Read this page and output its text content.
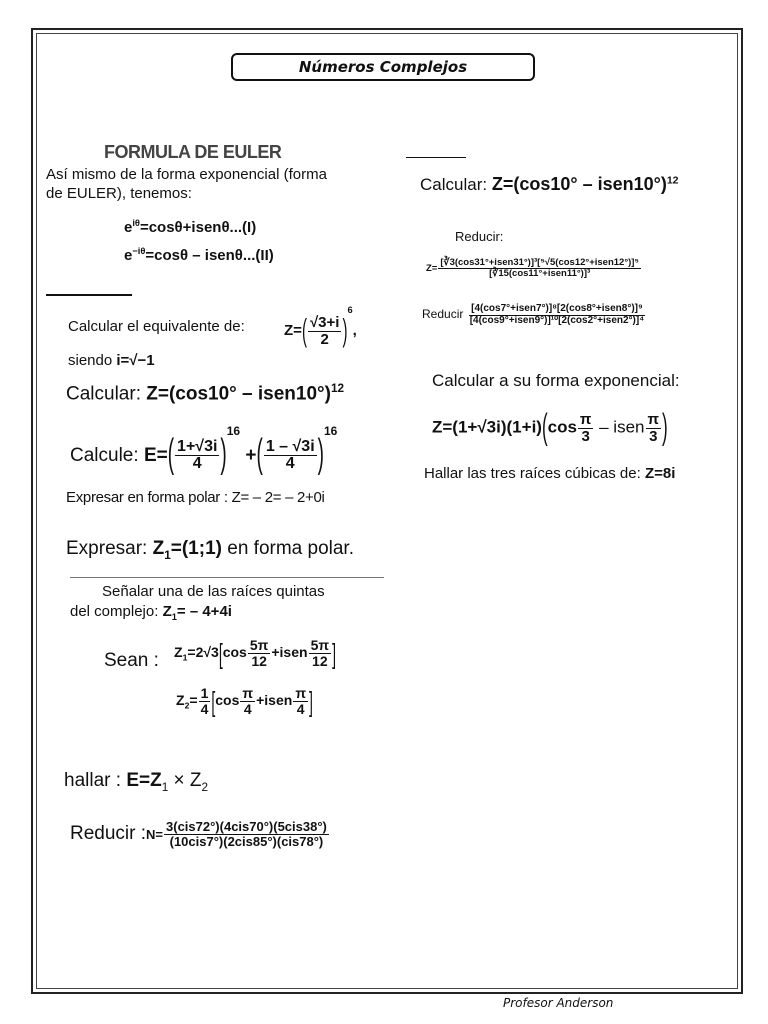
Números Complejos
FORMULA DE EULER
Así mismo de la forma exponencial (forma
de EULER), tenemos:
$e^{i\theta}=\cos\theta+isen\theta...(I)$
$e^{-i\theta}=\cos\theta$ – isenθ...(II)
Calcular el equivalente de:	$Z=( \frac{√3+i}{2} )^6$,
siendo i=√−1
Calcular: Z=(cos10° – isen10°)$^{12}$
Calcule: $E=( \frac{1+√3i}{4} )^{16}$ +( $\frac{1 - √3i}{4} )^{16}$
Expresar en forma polar : Z= – 2= – 2+0i
Expresar: $Z_1=(1;1)$ en forma polar.
Señalar una de las raíces quintas
del complejo: $Z_1= - 4+4i$
Sean : $Z_1=2√3[\cos \frac{5\pi}{12}$ +isen $\frac{5\pi}{12}$ ]
$Z_2= \frac{1}{4} [\cos \frac{\pi}{4}$ +isen $\frac{\pi}{4}$ ]
hallar : $E=Z_1 \times Z_2$
Reducir :N= $\frac{\text{3(cis72°)(4cis70°)(5cis38°)}}{\text{(10cis7°)(2cis85°)(cis78°)}}$
Calcular: Z=(cos10° – isen10°)$^{12}$
Reducir:
$Z= \frac{\text{[∛3(cos31°+isen31°)]³[⁵√5(cos12°+isen12°)]⁵}}{\text{[∛15(cos11°+isen11°)]³}}$
Reducir $\frac{\text{[4(cos7°+isen7°)]⁸[2(cos8°+isen8°)]⁹}}{\text{[4(cos9°+isen9°)]¹⁰[2(cos2°+isen2°)]⁴}}$
Calcular a su forma exponencial:
$Z=(1+√3i)(1+i)(\cos \frac{\pi}{3}$ – isen $\frac{\pi}{3}$ )
Hallar las tres raíces cúbicas de: Z=8i
Profesor Anderson
